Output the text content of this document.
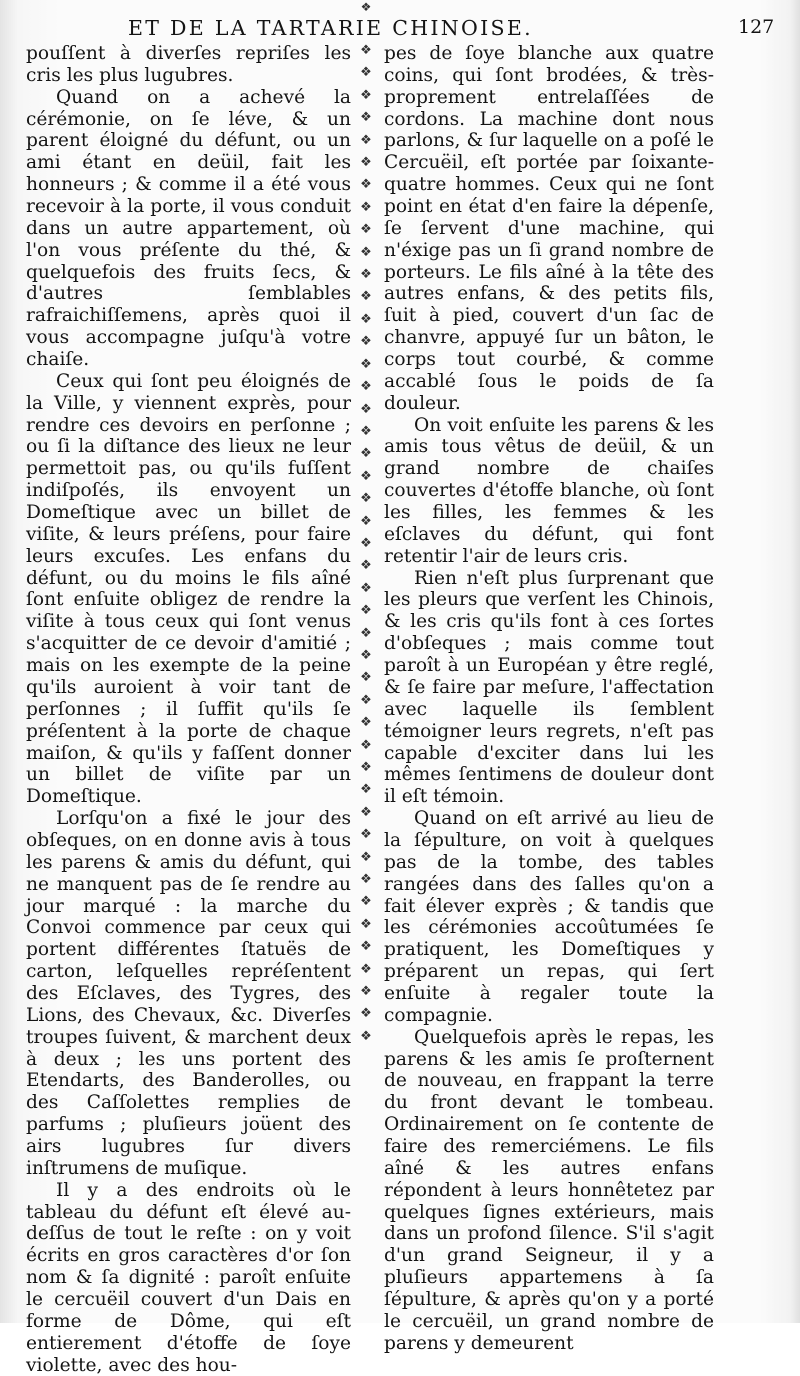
❖
ET DE LA TARTARIE CHINOISE.	127

pouſſent à diverſes repriſes les cris les plus lugubres.

Quand on a achevé la cérémonie, on ſe léve, & un parent éloigné du défunt, ou un ami étant en deüil, fait les honneurs ; & comme il a été vous recevoir à la porte, il vous conduit dans un autre appartement, où l'on vous préſente du thé, & quelquefois des fruits ſecs, & d'autres ſemblables rafraichiſſemens, après quoi il vous accompagne juſqu'à votre chaiſe.

Ceux qui ſont peu éloignés de la Ville, y viennent exprès, pour rendre ces devoirs en perſonne ; ou ſi la diſtance des lieux ne leur permettoit pas, ou qu'ils fuſſent indiſpoſés, ils envoyent un Domeſtique avec un billet de viſite, & leurs préſens, pour faire leurs excuſes. Les enfans du défunt, ou du moins le fils aîné ſont enſuite obligez de rendre la viſite à tous ceux qui ſont venus s'acquitter de ce devoir d'amitié ; mais on les exempte de la peine qu'ils auroient à voir tant de perſonnes ; il ſuffit qu'ils ſe préſentent à la porte de chaque maiſon, & qu'ils y faſſent donner un billet de viſite par un Domeſtique.

Lorſqu'on a fixé le jour des obſeques, on en donne avis à tous les parens & amis du défunt, qui ne manquent pas de ſe rendre au jour marqué : la marche du Convoi commence par ceux qui portent différentes ſtatuës de carton, leſquelles repréſentent des Eſclaves, des Tygres, des Lions, des Chevaux, &c. Diverſes troupes ſuivent, & marchent deux à deux ; les uns portent des Etendarts, des Banderolles, ou des Caſſolettes remplies de parfums ; pluſieurs joüent des airs lugubres ſur divers inſtrumens de muſique.

Il y a des endroits où le tableau du défunt eſt élevé au-deſſus de tout le reſte : on y voit écrits en gros caractères d'or ſon nom & ſa dignité : paroît enſuite le cercuëil couvert d'un Dais en forme de Dôme, qui eſt entierement d'étoffe de ſoye violette, avec des hou-

❖
❖
❖
❖
❖
❖
❖
❖
❖
❖
❖
❖
❖
❖
❖
❖
❖
❖
❖
❖
❖
❖
❖
❖
❖
❖
❖
❖
❖
❖
❖
❖
❖
❖
❖
❖
❖
❖
❖
❖
❖
❖
❖
❖
❖

pes de ſoye blanche aux quatre coins, qui ſont brodées, & très-proprement entrelaſſées de cordons. La machine dont nous parlons, & ſur laquelle on a poſé le Cercuëil, eſt portée par ſoixante-quatre hommes. Ceux qui ne ſont point en état d'en faire la dépenſe, ſe ſervent d'une machine, qui n'éxige pas un ſi grand nombre de porteurs. Le fils aîné à la tête des autres enfans, & des petits fils, ſuit à pied, couvert d'un ſac de chanvre, appuyé ſur un bâton, le corps tout courbé, & comme accablé ſous le poids de ſa douleur.

On voit enſuite les parens & les amis tous vêtus de deüil, & un grand nombre de chaiſes couvertes d'étoffe blanche, où ſont les filles, les femmes & les eſclaves du défunt, qui font retentir l'air de leurs cris.

Rien n'eſt plus ſurprenant que les pleurs que verſent les Chinois, & les cris qu'ils font à ces ſortes d'obſeques ; mais comme tout paroît à un Européan y être reglé, & ſe faire par meſure, l'affectation avec laquelle ils ſemblent témoigner leurs regrets, n'eſt pas capable d'exciter dans lui les mêmes ſentimens de douleur dont il eſt témoin.

Quand on eſt arrivé au lieu de la ſépulture, on voit à quelques pas de la tombe, des tables rangées dans des ſalles qu'on a fait élever exprès ; & tandis que les cérémonies accoûtumées ſe pratiquent, les Domeſtiques y préparent un repas, qui ſert enſuite à regaler toute la compagnie.

Quelquefois après le repas, les parens & les amis ſe proſternent de nouveau, en frappant la terre du front devant le tombeau. Ordinairement on ſe contente de faire des remerciémens. Le fils aîné & les autres enfans répondent à leurs honnêtetez par quelques ſignes extérieurs, mais dans un profond ſilence. S'il s'agit d'un grand Seigneur, il y a pluſieurs appartemens à ſa ſépulture, & après qu'on y a porté le cercuëil, un grand nombre de parens y demeurent
